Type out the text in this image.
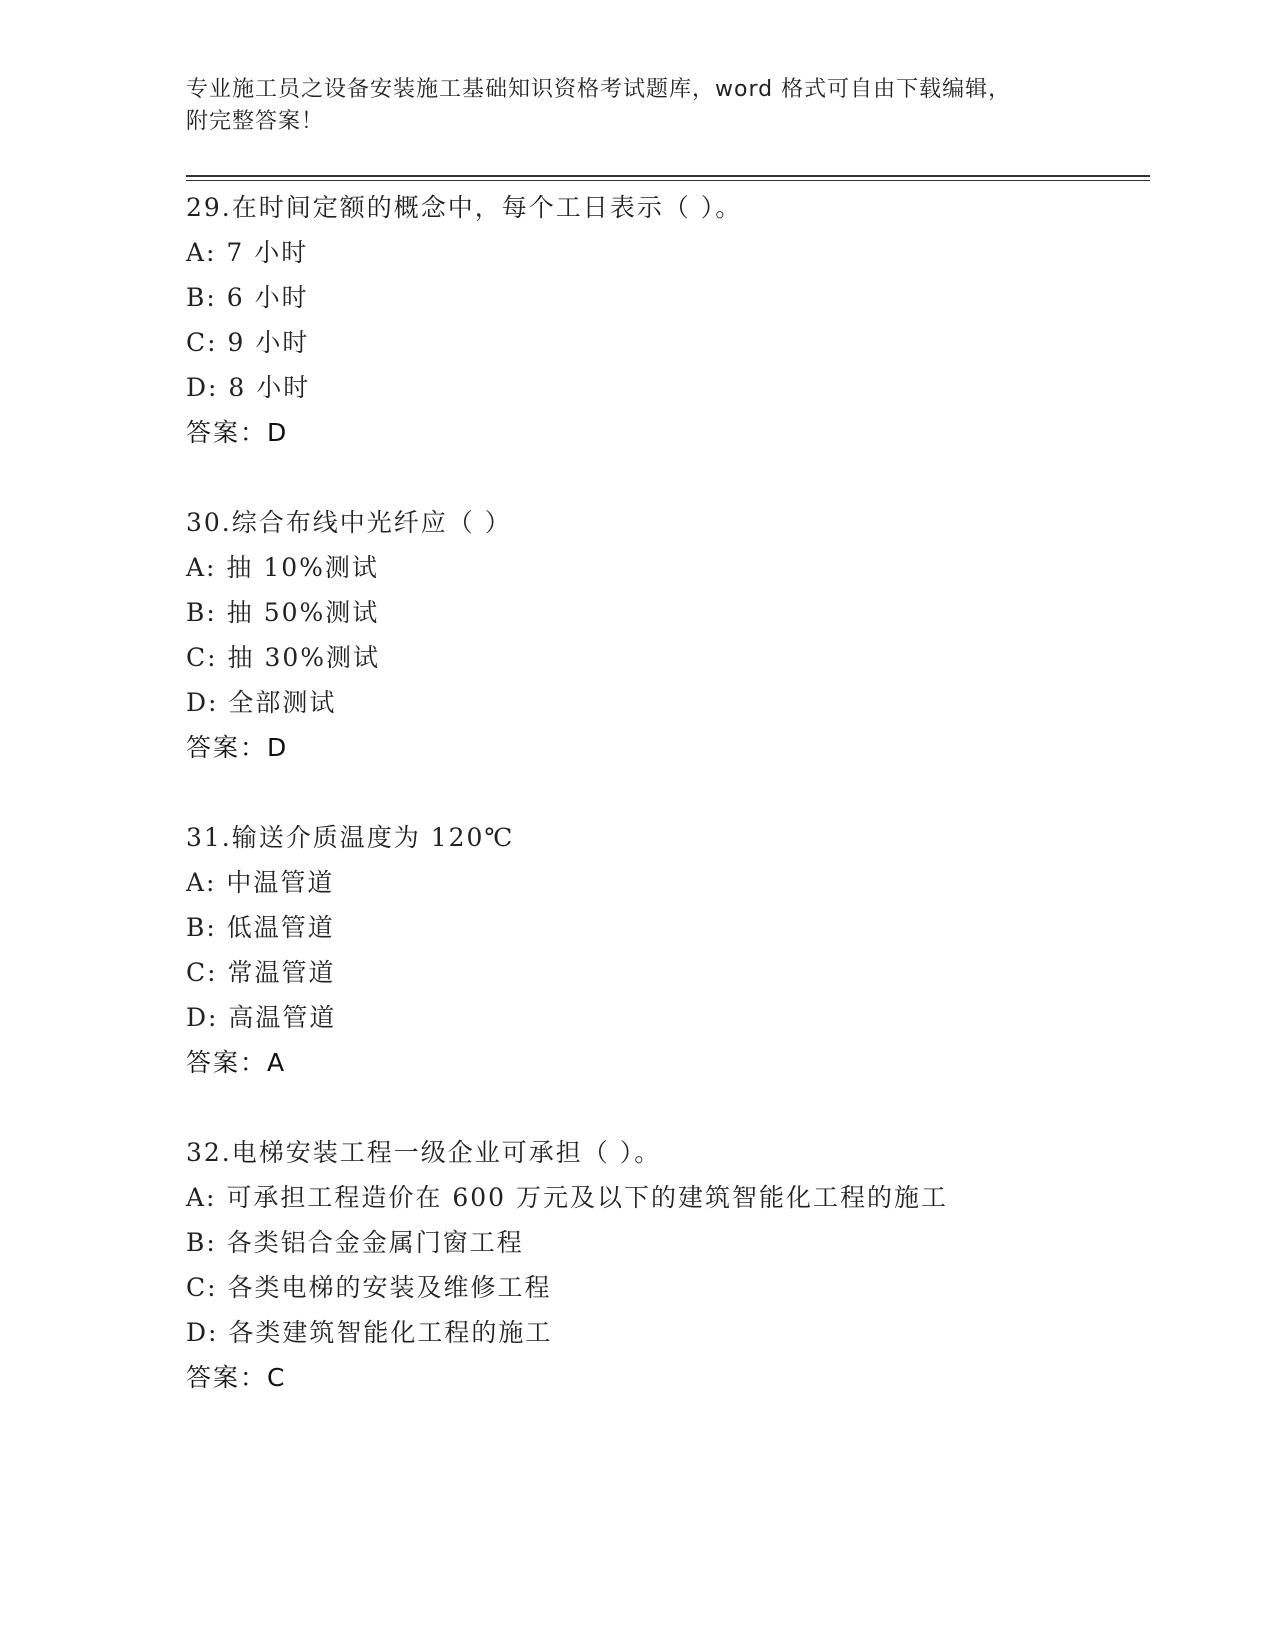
专业施工员之设备安装施工基础知识资格考试题库，word 格式可自由下载编辑，
附完整答案！
29.在时间定额的概念中，每个工日表示（ ）。
A: 7 小时
B: 6 小时
C: 9 小时
D: 8 小时
答案：D
30.综合布线中光纤应（ ）
A: 抽 10%测试
B: 抽 50%测试
C: 抽 30%测试
D: 全部测试
答案：D
31.输送介质温度为 120℃
A: 中温管道
B: 低温管道
C: 常温管道
D: 高温管道
答案：A
32.电梯安装工程一级企业可承担（ ）。
A: 可承担工程造价在 600 万元及以下的建筑智能化工程的施工
B: 各类铝合金金属门窗工程
C: 各类电梯的安装及维修工程
D: 各类建筑智能化工程的施工
答案：C
